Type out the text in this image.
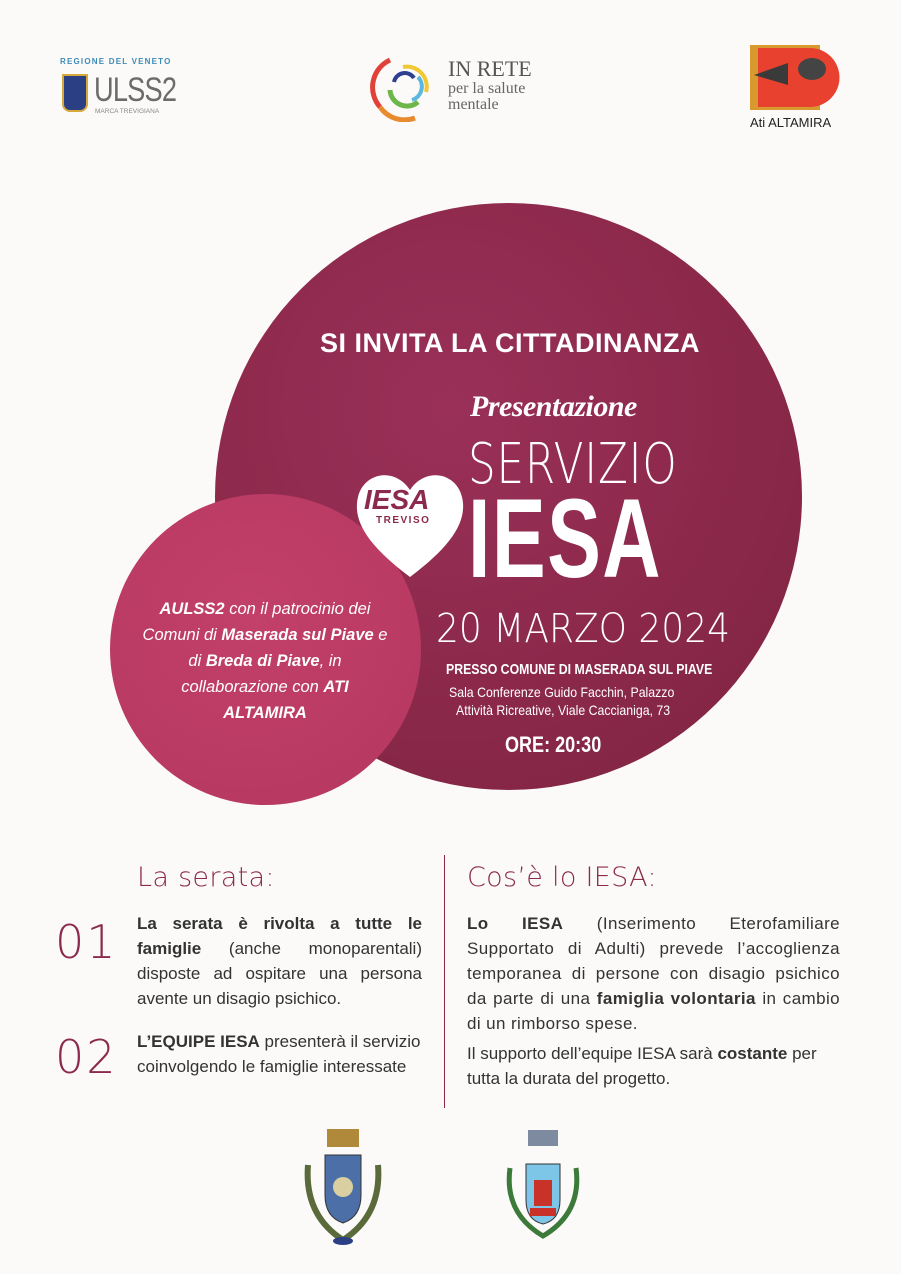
REGIONE DEL VENETO
ULSS2
MARCA TREVIGIANA
IN RETE
per la salute
mentale
Ati ALTAMIRA
SI INVITA LA CITTADINANZA
Presentazione
SERVIZIO
IESA
IESA
TREVISO
20 MARZO 2024
PRESSO COMUNE DI MASERADA SUL PIAVE
Sala Conferenze Guido Facchin, Palazzo
Attività Ricreative, Viale Caccianiga, 73
ORE: 20:30
AULSS2 con il patrocinio dei Comuni di Maserada sul Piave e di Breda di Piave, in collaborazione con ATI ALTAMIRA
La serata:
01 La serata è rivolta a tutte le famiglie (anche monoparentali) disposte ad ospitare una persona avente un disagio psichico.
02 L’EQUIPE IESA presenterà il servizio coinvolgendo le famiglie interessate
Cos’è lo IESA:
Lo IESA (Inserimento Eterofamiliare Supportato di Adulti) prevede l’accoglienza temporanea di persone con disagio psichico da parte di una famiglia volontaria in cambio di un rimborso spese.
Il supporto dell’equipe IESA sarà costante per tutta la durata del progetto.
